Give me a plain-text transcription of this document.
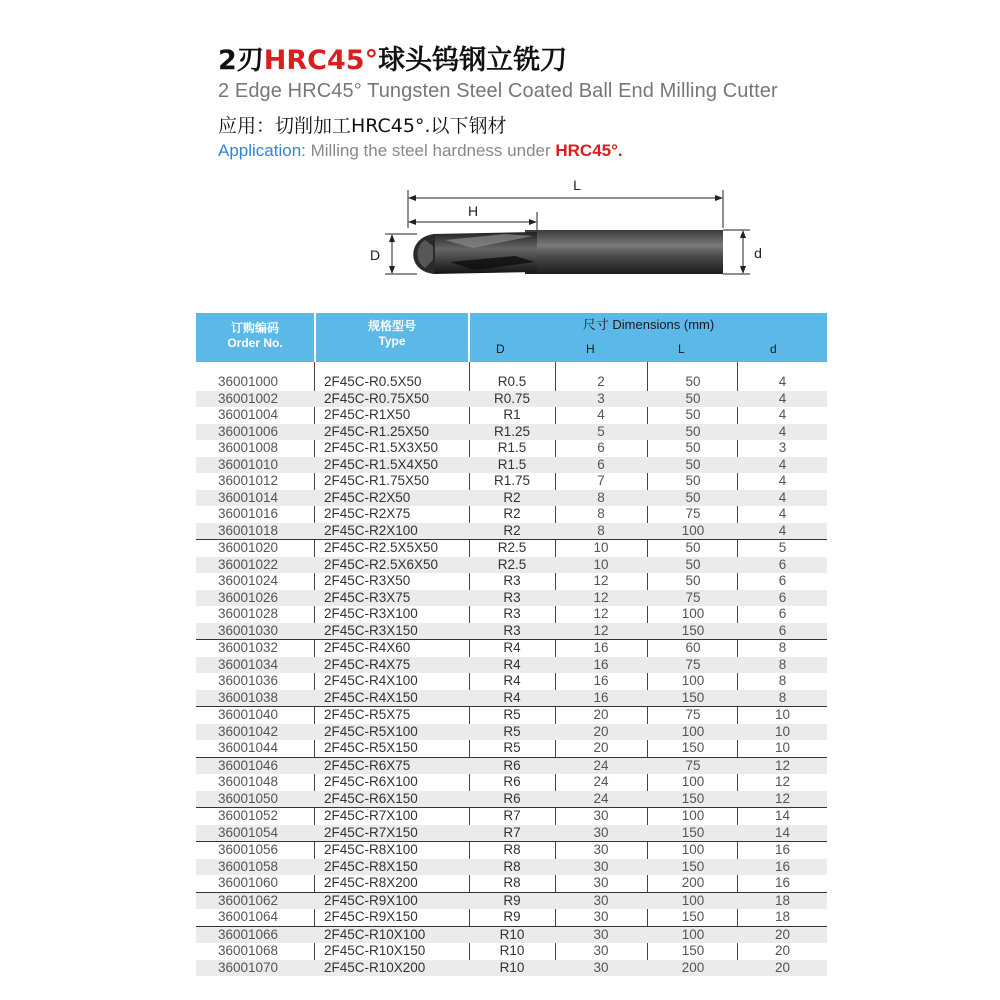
2刃HRC45°球头钨钢立铣刀
2 Edge HRC45° Tungsten Steel Coated Ball End Milling Cutter
应用：切削加工HRC45°.以下钢材
Application: Milling the steel hardness under HRC45°.
L
H
D	d
订购编码
Order No.
规格型号
Type
尺寸 Dimensions (mm)
D	H	L	d
36001000	2F45C-R0.5X50	R0.5	2	50	4
36001002	2F45C-R0.75X50	R0.75	3	50	4
36001004	2F45C-R1X50	R1	4	50	4
36001006	2F45C-R1.25X50	R1.25	5	50	4
36001008	2F45C-R1.5X3X50	R1.5	6	50	3
36001010	2F45C-R1.5X4X50	R1.5	6	50	4
36001012	2F45C-R1.75X50	R1.75	7	50	4
36001014	2F45C-R2X50	R2	8	50	4
36001016	2F45C-R2X75	R2	8	75	4
36001018	2F45C-R2X100	R2	8	100	4
36001020	2F45C-R2.5X5X50	R2.5	10	50	5
36001022	2F45C-R2.5X6X50	R2.5	10	50	6
36001024	2F45C-R3X50	R3	12	50	6
36001026	2F45C-R3X75	R3	12	75	6
36001028	2F45C-R3X100	R3	12	100	6
36001030	2F45C-R3X150	R3	12	150	6
36001032	2F45C-R4X60	R4	16	60	8
36001034	2F45C-R4X75	R4	16	75	8
36001036	2F45C-R4X100	R4	16	100	8
36001038	2F45C-R4X150	R4	16	150	8
36001040	2F45C-R5X75	R5	20	75	10
36001042	2F45C-R5X100	R5	20	100	10
36001044	2F45C-R5X150	R5	20	150	10
36001046	2F45C-R6X75	R6	24	75	12
36001048	2F45C-R6X100	R6	24	100	12
36001050	2F45C-R6X150	R6	24	150	12
36001052	2F45C-R7X100	R7	30	100	14
36001054	2F45C-R7X150	R7	30	150	14
36001056	2F45C-R8X100	R8	30	100	16
36001058	2F45C-R8X150	R8	30	150	16
36001060	2F45C-R8X200	R8	30	200	16
36001062	2F45C-R9X100	R9	30	100	18
36001064	2F45C-R9X150	R9	30	150	18
36001066	2F45C-R10X100	R10	30	100	20
36001068	2F45C-R10X150	R10	30	150	20
36001070	2F45C-R10X200	R10	30	200	20
